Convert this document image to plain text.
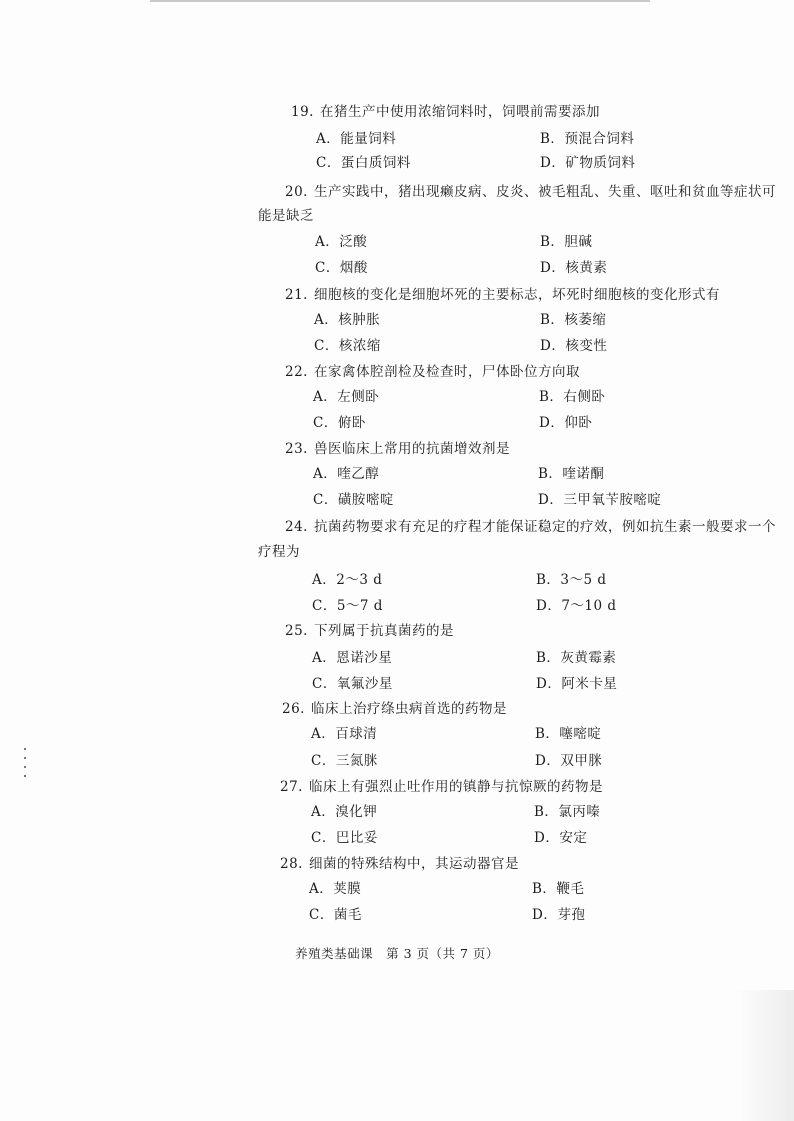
19. 在猪生产中使用浓缩饲料时，饲喂前需要添加
A．能量饲料	B．预混合饲料
C．蛋白质饲料	D．矿物质饲料
20. 生产实践中，猪出现癞皮病、皮炎、被毛粗乱、失重、呕吐和贫血等症状可
能是缺乏
A．泛酸	B．胆碱
C．烟酸	D．核黄素
21. 细胞核的变化是细胞坏死的主要标志，坏死时细胞核的变化形式有
A．核肿胀	B．核萎缩
C．核浓缩	D．核变性
22. 在家禽体腔剖检及检查时，尸体卧位方向取
A．左侧卧	B．右侧卧
C．俯卧	D．仰卧
23. 兽医临床上常用的抗菌增效剂是
A．喹乙醇	B．喹诺酮
C．磺胺嘧啶	D．三甲氧苄胺嘧啶
24. 抗菌药物要求有充足的疗程才能保证稳定的疗效，例如抗生素一般要求一个
疗程为
A．2～3 d	B．3～5 d
C．5～7 d	D．7～10 d
25. 下列属于抗真菌药的是
A．恩诺沙星	B．灰黄霉素
C．氧氟沙星	D．阿米卡星
26. 临床上治疗绦虫病首选的药物是
A．百球清	B．噻嘧啶
C．三氮脒	D．双甲脒
27. 临床上有强烈止吐作用的镇静与抗惊厥的药物是
A．溴化钾	B．氯丙嗪
C．巴比妥	D．安定
28. 细菌的特殊结构中，其运动器官是
A．荚膜	B．鞭毛
C．菌毛	D．芽孢
养殖类基础课　第 3 页（共 7 页）
